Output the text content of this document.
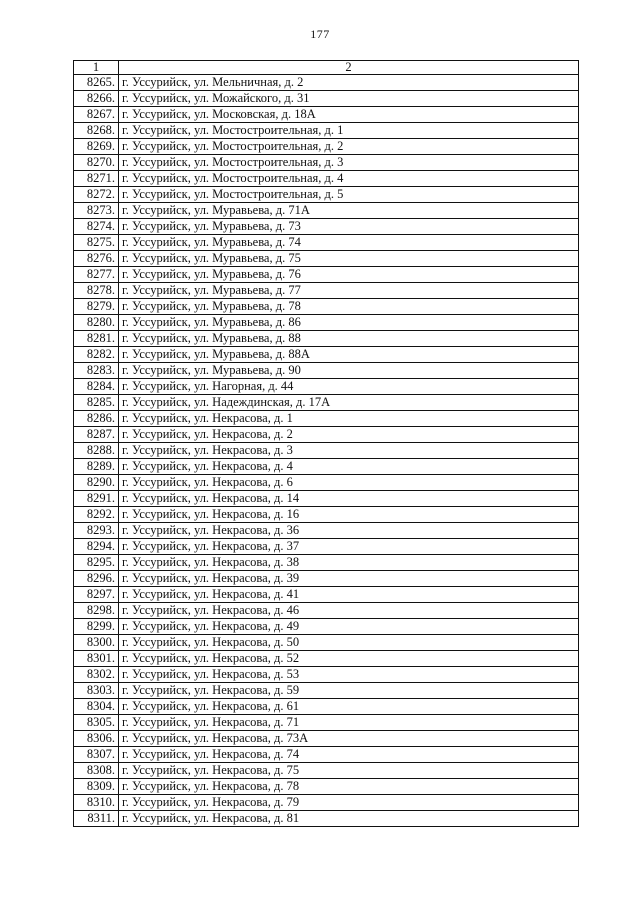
177
1	2
8265.	г. Уссурийск, ул. Мельничная, д. 2
8266.	г. Уссурийск, ул. Можайского, д. 31
8267.	г. Уссурийск, ул. Московская, д. 18А
8268.	г. Уссурийск, ул. Мостостроительная, д. 1
8269.	г. Уссурийск, ул. Мостостроительная, д. 2
8270.	г. Уссурийск, ул. Мостостроительная, д. 3
8271.	г. Уссурийск, ул. Мостостроительная, д. 4
8272.	г. Уссурийск, ул. Мостостроительная, д. 5
8273.	г. Уссурийск, ул. Муравьева, д. 71А
8274.	г. Уссурийск, ул. Муравьева, д. 73
8275.	г. Уссурийск, ул. Муравьева, д. 74
8276.	г. Уссурийск, ул. Муравьева, д. 75
8277.	г. Уссурийск, ул. Муравьева, д. 76
8278.	г. Уссурийск, ул. Муравьева, д. 77
8279.	г. Уссурийск, ул. Муравьева, д. 78
8280.	г. Уссурийск, ул. Муравьева, д. 86
8281.	г. Уссурийск, ул. Муравьева, д. 88
8282.	г. Уссурийск, ул. Муравьева, д. 88А
8283.	г. Уссурийск, ул. Муравьева, д. 90
8284.	г. Уссурийск, ул. Нагорная, д. 44
8285.	г. Уссурийск, ул. Надеждинская, д. 17А
8286.	г. Уссурийск, ул. Некрасова, д. 1
8287.	г. Уссурийск, ул. Некрасова, д. 2
8288.	г. Уссурийск, ул. Некрасова, д. 3
8289.	г. Уссурийск, ул. Некрасова, д. 4
8290.	г. Уссурийск, ул. Некрасова, д. 6
8291.	г. Уссурийск, ул. Некрасова, д. 14
8292.	г. Уссурийск, ул. Некрасова, д. 16
8293.	г. Уссурийск, ул. Некрасова, д. 36
8294.	г. Уссурийск, ул. Некрасова, д. 37
8295.	г. Уссурийск, ул. Некрасова, д. 38
8296.	г. Уссурийск, ул. Некрасова, д. 39
8297.	г. Уссурийск, ул. Некрасова, д. 41
8298.	г. Уссурийск, ул. Некрасова, д. 46
8299.	г. Уссурийск, ул. Некрасова, д. 49
8300.	г. Уссурийск, ул. Некрасова, д. 50
8301.	г. Уссурийск, ул. Некрасова, д. 52
8302.	г. Уссурийск, ул. Некрасова, д. 53
8303.	г. Уссурийск, ул. Некрасова, д. 59
8304.	г. Уссурийск, ул. Некрасова, д. 61
8305.	г. Уссурийск, ул. Некрасова, д. 71
8306.	г. Уссурийск, ул. Некрасова, д. 73А
8307.	г. Уссурийск, ул. Некрасова, д. 74
8308.	г. Уссурийск, ул. Некрасова, д. 75
8309.	г. Уссурийск, ул. Некрасова, д. 78
8310.	г. Уссурийск, ул. Некрасова, д. 79
8311.	г. Уссурийск, ул. Некрасова, д. 81
